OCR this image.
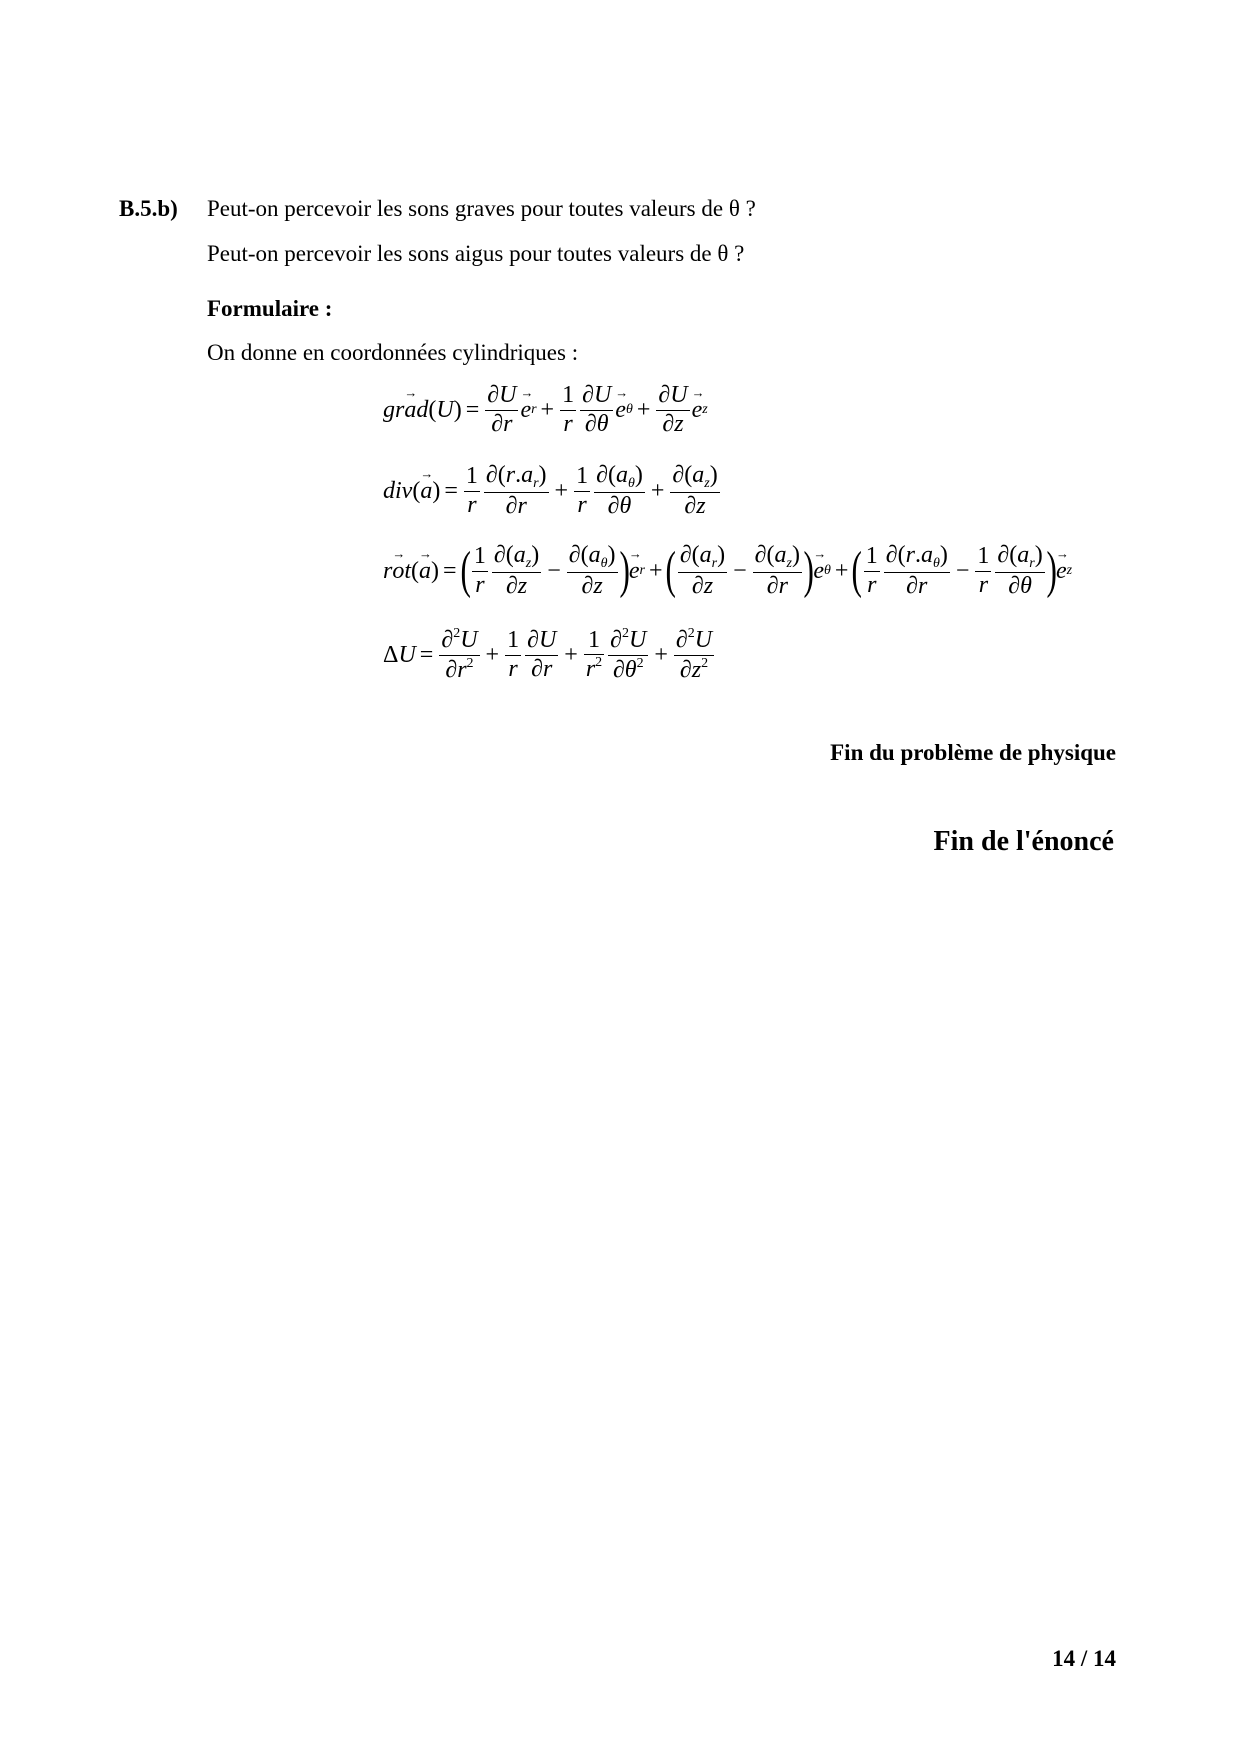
B.5.b) Peut-on percevoir les sons graves pour toutes valeurs de θ ?
Peut-on percevoir les sons aigus pour toutes valeurs de θ ?
Formulaire :
On donne en coordonnées cylindriques :
gr→ ad ( U ) = $\frac{\partial U}{\partial r}$
→ e $r + \frac{1}{r} \frac{\partial U}{\partial\theta}$
→ e $\theta + \frac{\partial U}{\partial z}$
→ e z
div (
→ a ) = $\frac{1}{r} \frac{\partial(r.a_r)}{\partial r} + \frac{1}{r} \frac{\partial(a_\theta)}{\partial\theta} + \frac{\partial(a_z)}{\partial z}$
r→ ot (
→ a ) = ( $\frac{1}{r} \frac{\partial(a_z)}{\partial z} - \frac{\partial(a_\theta)}{\partial z}$ )
→ e r + ( $\frac{\partial(a_r)}{\partial z} - \frac{\partial(a_z)}{\partial r}$ )
→ e θ + ( $\frac{1}{r} \frac{\partial(r.a_\theta)}{\partial r} - \frac{1}{r} \frac{\partial(a_r)}{\partial\theta}$ )
→ e z
Δ $U = \frac{\partial^2U}{\partial r^2} + \frac{1}{r} \frac{\partial U}{\partial r} + \frac{1}{r^2} \frac{\partial^2U}{\partial\theta^2} + \frac{\partial^2U}{\partial z^2}$
Fin du problème de physique
Fin de l'énoncé
14 / 14
